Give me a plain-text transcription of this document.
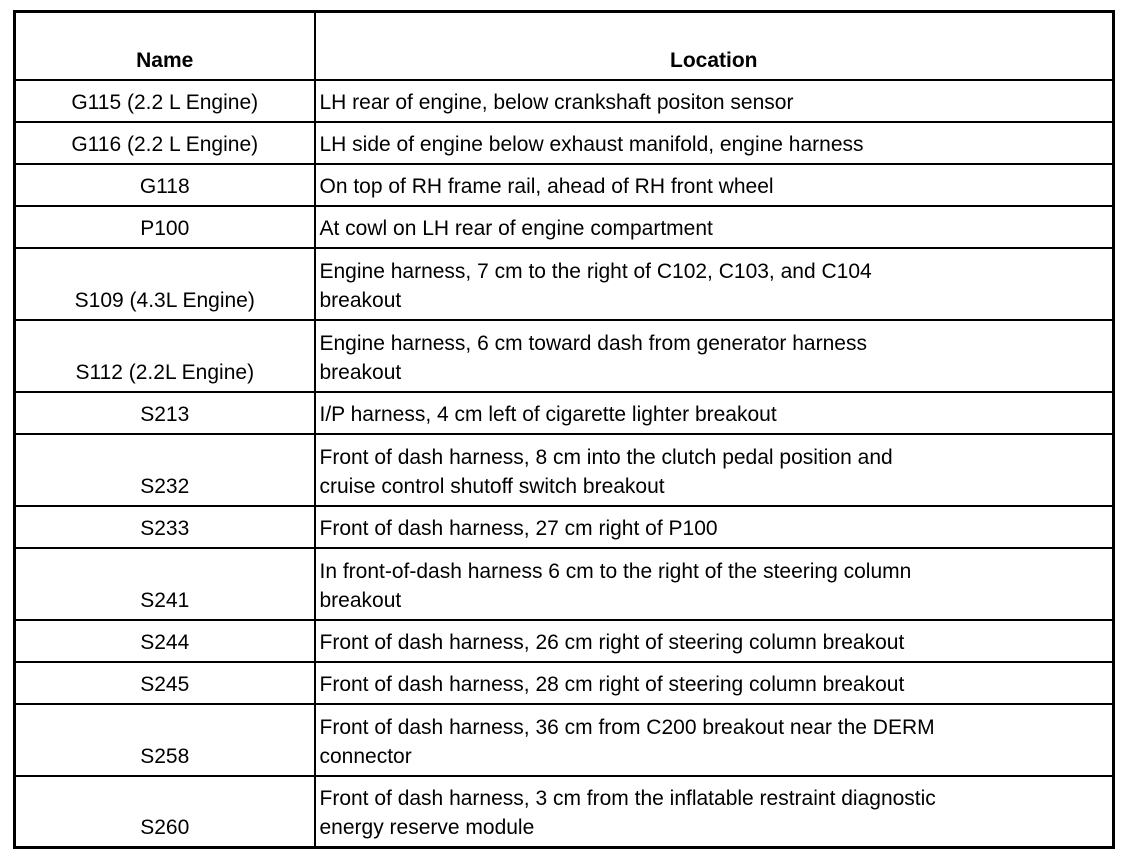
Name	Location
G115 (2.2 L Engine)	LH rear of engine, below crankshaft positon sensor

G116 (2.2 L Engine)	LH side of engine below exhaust manifold, engine harness

G118	On top of RH frame rail, ahead of RH front wheel

P100	At cowl on LH rear of engine compartment

S109 (4.3L Engine)	Engine harness, 7 cm to the right of C102, C103, and C104
breakout

S112 (2.2L Engine)	Engine harness, 6 cm toward dash from generator harness
breakout

S213	I/P harness, 4 cm left of cigarette lighter breakout

S232	Front of dash harness, 8 cm into the clutch pedal position and
cruise control shutoff switch breakout

S233	Front of dash harness, 27 cm right of P100

S241	In front-of-dash harness 6 cm to the right of the steering column
breakout

S244	Front of dash harness, 26 cm right of steering column breakout

S245	Front of dash harness, 28 cm right of steering column breakout

S258	Front of dash harness, 36 cm from C200 breakout near the DERM
connector

S260	Front of dash harness, 3 cm from the inflatable restraint diagnostic
energy reserve module
